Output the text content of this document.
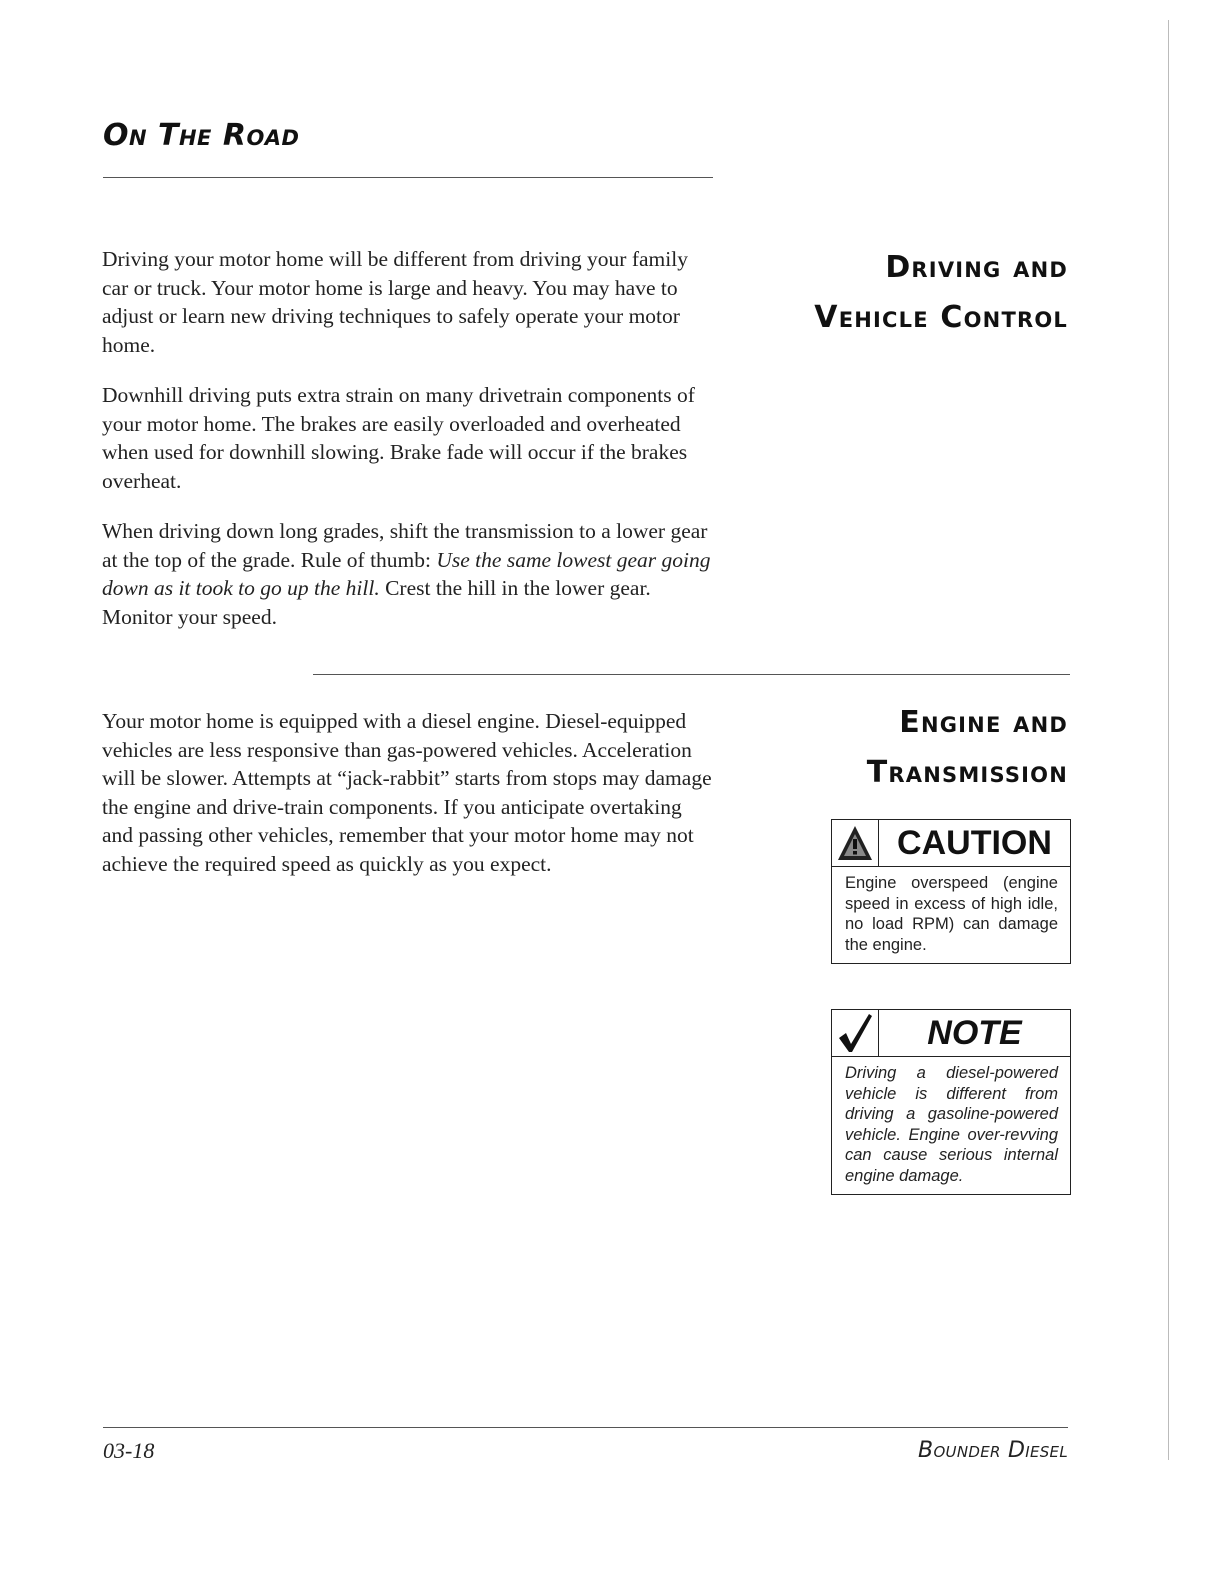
On The Road
Driving and
Vehicle Control

Driving your motor home will be different from driving your family car or truck. Your motor home is large and heavy. You may have to adjust or learn new driving techniques to safely operate your motor home.

Downhill driving puts extra strain on many drivetrain components of your motor home. The brakes are easily overloaded and overheated when used for downhill slowing. Brake fade will occur if the brakes overheat.

When driving down long grades, shift the transmission to a lower gear at the top of the grade. Rule of thumb: Use the same lowest gear going down as it took to go up the hill. Crest the hill in the lower gear. Monitor your speed.

Engine and
Transmission

Your motor home is equipped with a diesel engine. Diesel-equipped vehicles are less responsive than gas-powered vehicles. Acceleration will be slower. Attempts at “jack-rabbit” starts from stops may damage the engine and drive-train components. If you anticipate overtaking and passing other vehicles, remember that your motor home may not achieve the required speed as quickly as you expect.

CAUTION
Engine overspeed (engine speed in excess of high idle, no load RPM) can damage the engine.
NOTE
Driving a diesel-powered vehicle is different from driving a gasoline-powered vehicle. Engine over-revving can cause serious internal engine damage.
03-18	Bounder Diesel
